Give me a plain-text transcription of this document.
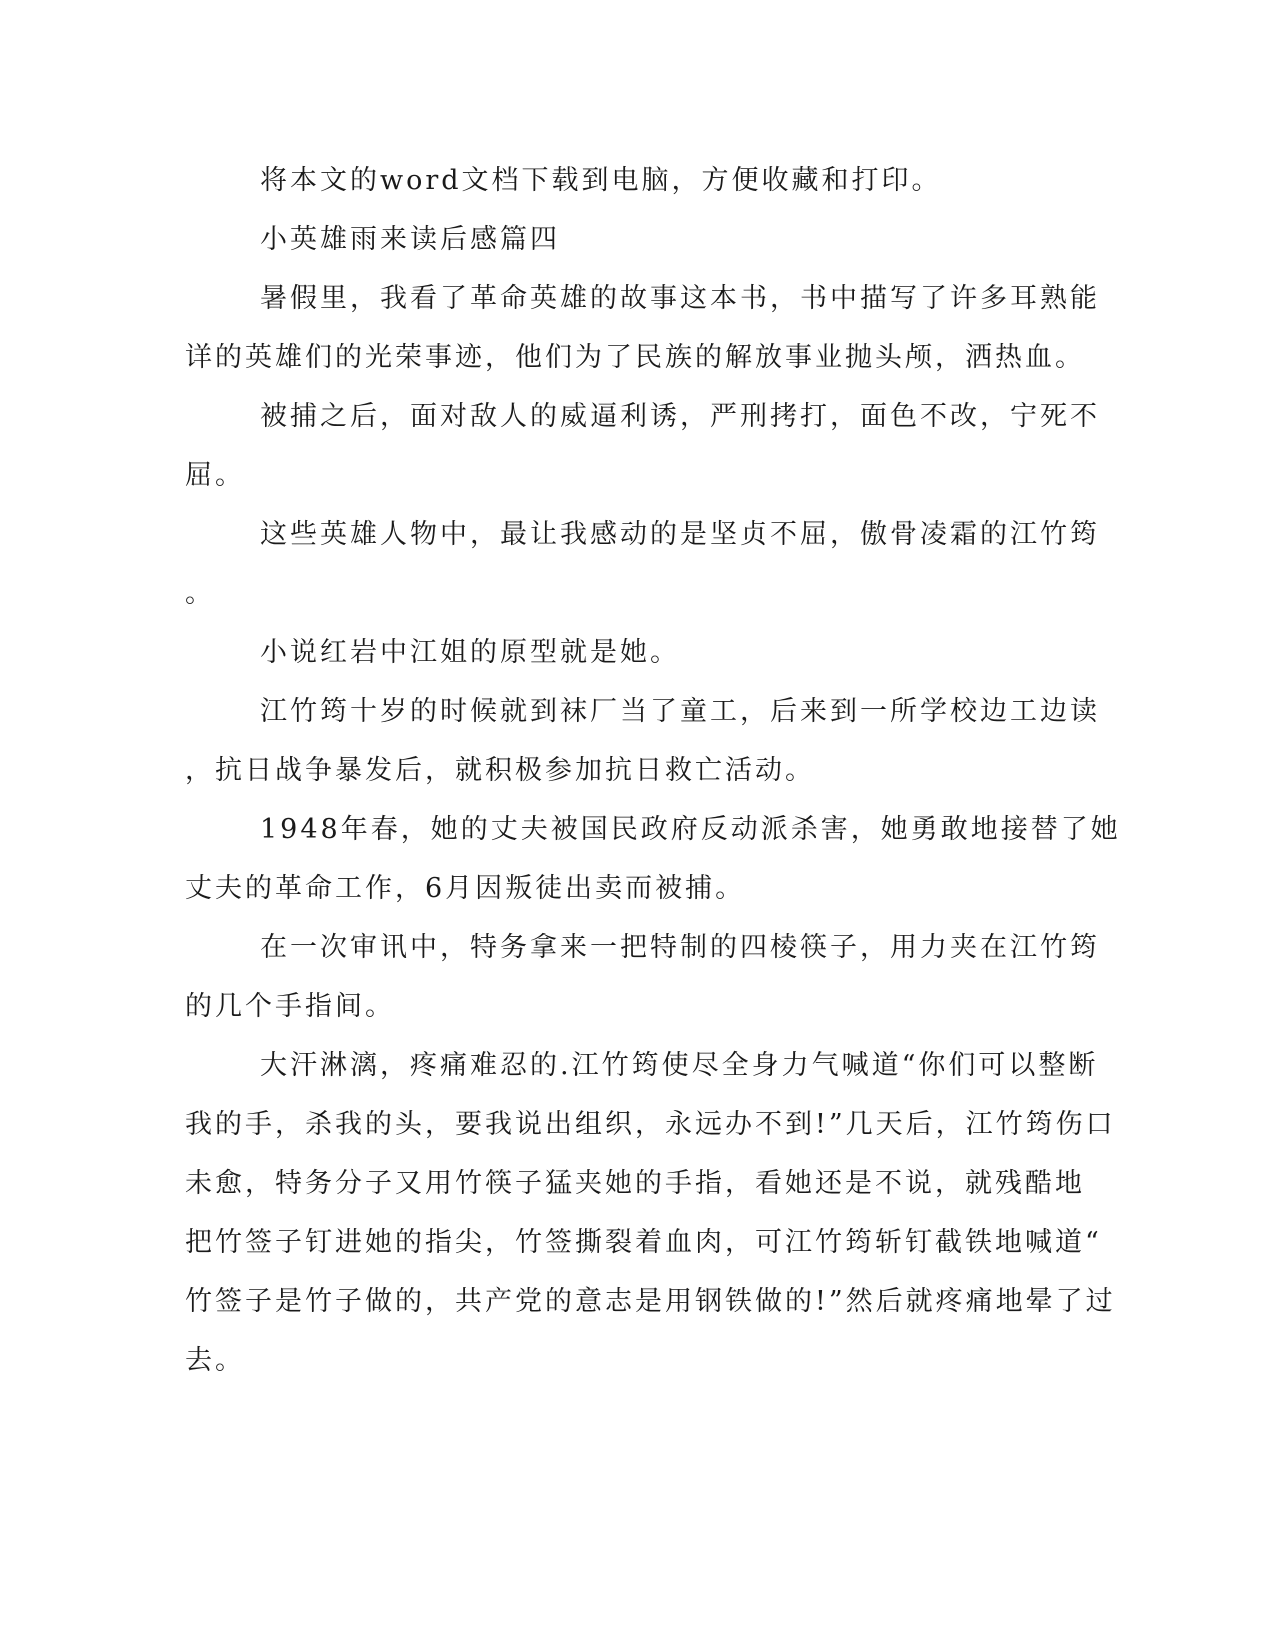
将本文的word文档下载到电脑，方便收藏和打印。

小英雄雨来读后感篇四

暑假里，我看了革命英雄的故事这本书，书中描写了许多耳熟能

详的英雄们的光荣事迹，他们为了民族的解放事业抛头颅，洒热血。

被捕之后，面对敌人的威逼利诱，严刑拷打，面色不改，宁死不

屈。

这些英雄人物中，最让我感动的是坚贞不屈，傲骨凌霜的江竹筠

。

小说红岩中江姐的原型就是她。

江竹筠十岁的时候就到袜厂当了童工，后来到一所学校边工边读

，抗日战争暴发后，就积极参加抗日救亡活动。

1948年春，她的丈夫被国民政府反动派杀害，她勇敢地接替了她

丈夫的革命工作，6月因叛徒出卖而被捕。

在一次审讯中，特务拿来一把特制的四棱筷子，用力夹在江竹筠

的几个手指间。

大汗淋漓，疼痛难忍的.江竹筠使尽全身力气喊道“你们可以整断

我的手，杀我的头，要我说出组织，永远办不到!”几天后，江竹筠伤口

未愈，特务分子又用竹筷子猛夹她的手指，看她还是不说，就残酷地

把竹签子钉进她的指尖，竹签撕裂着血肉，可江竹筠斩钉截铁地喊道“

竹签子是竹子做的，共产党的意志是用钢铁做的!”然后就疼痛地晕了过

去。
